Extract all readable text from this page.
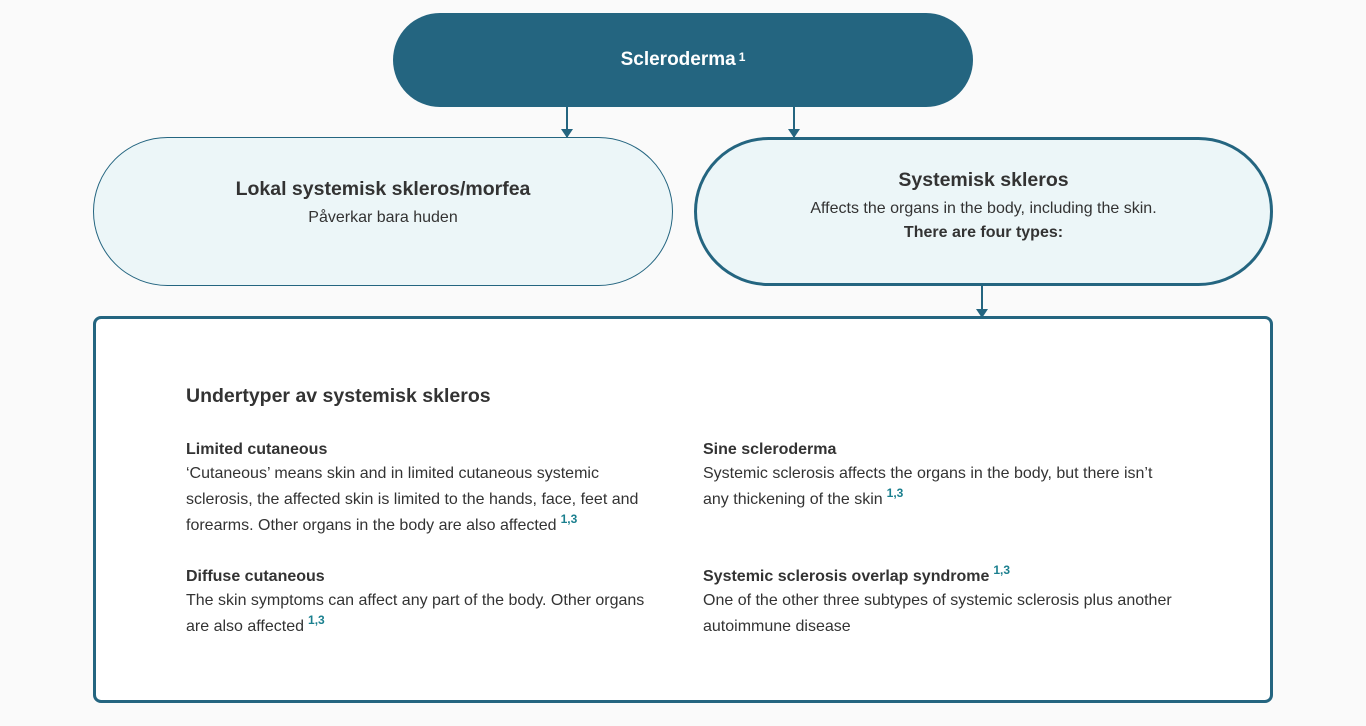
Scleroderma $^1$
Lokal systemisk skleros/morfea
Påverkar bara huden
Systemisk skleros
Affects the organs in the body, including the skin.
There are four types:
Undertyper av systemisk skleros
Limited cutaneous
‘Cutaneous’ means skin and in limited cutaneous systemic sclerosis, the affected skin is limited to the hands, face, feet and forearms. Other organs in the body are also affected $^{1,3}$
Sine scleroderma
Systemic sclerosis affects the organs in the body, but there isn’t any thickening of the skin $^{1,3}$
Diffuse cutaneous
The skin symptoms can affect any part of the body. Other organs are also affected $^{1,3}$
Systemic sclerosis overlap syndrome $^{1,3}$
One of the other three subtypes of systemic sclerosis plus another autoimmune disease
